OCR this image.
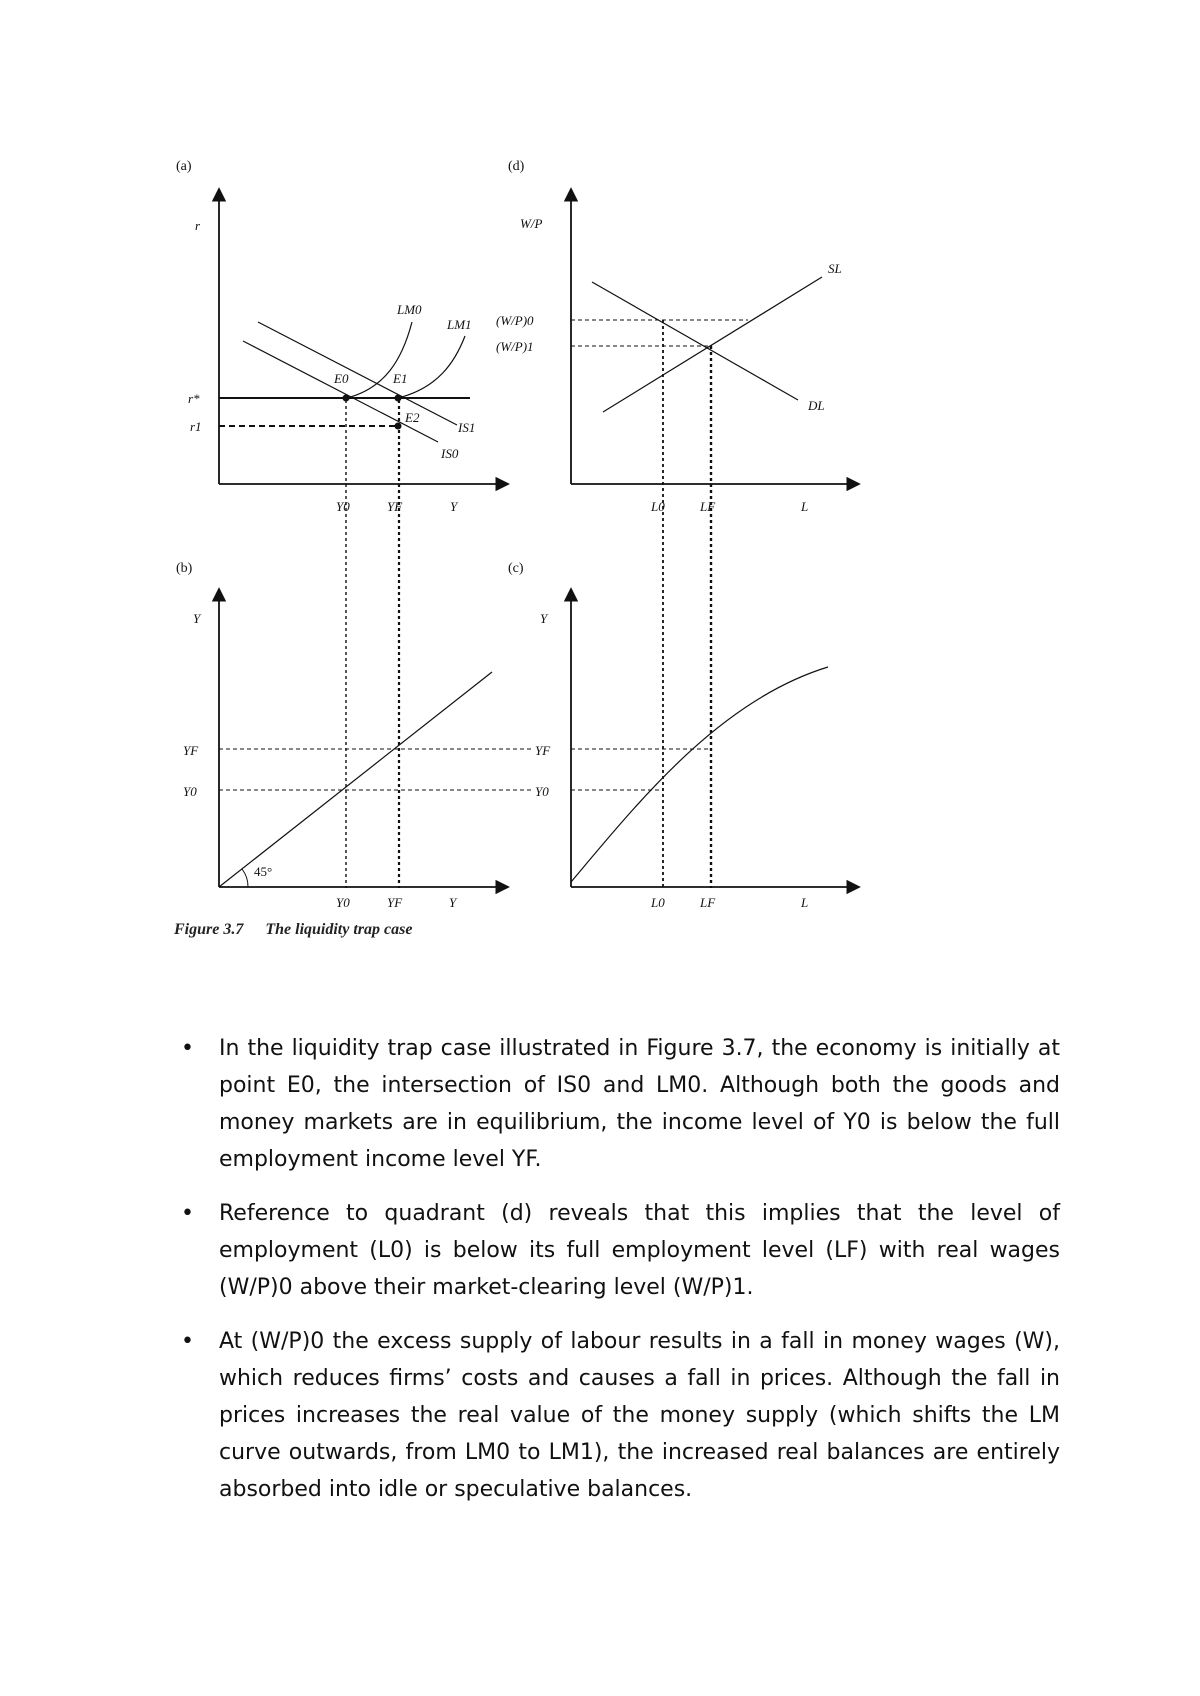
(a)
r
Y
LM0
LM1
IS1
IS0
E0	E1
E2
r*
r1
Y0	YF
(d)
W/P
L
SL
DL
(W/P)0
(W/P)1
L0	LF
(b)
Y
Y
45°
YF
Y0
Y0	YF
(c)
Y
L
YF
Y0
L0	LF
Figure 3.7 The liquidity trap case
• In the liquidity trap case illustrated in Figure 3.7, the economy is initially at point E0, the intersection of IS0 and LM0. Although both the goods and money markets are in equilibrium, the income level of Y0 is below the full employment income level YF.
• Reference to quadrant (d) reveals that this implies that the level of employment (L0) is below its full employment level (LF) with real wages (W/P)0 above their market-clearing level (W/P)1.
• At (W/P)0 the excess supply of labour results in a fall in money wages (W), which reduces firms’ costs and causes a fall in prices. Although the fall in prices increases the real value of the money supply (which shifts the LM curve outwards, from LM0 to LM1), the increased real balances are entirely absorbed into idle or speculative balances.
